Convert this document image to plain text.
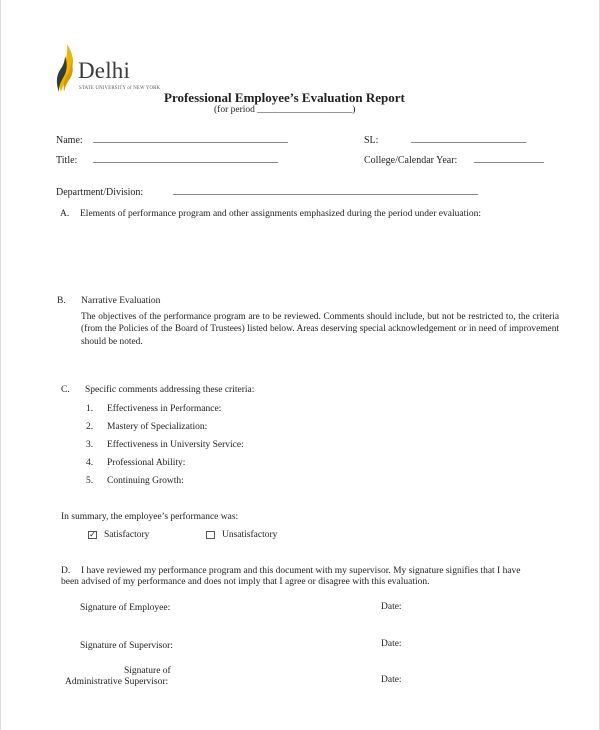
Delhi
STATE UNIVERSITY of NEW YORK
Professional Employee’s Evaluation Report
(for period ____________________)
Name: _______________________________________	SL:	_______________________
Title: _____________________________________	College/Calendar Year: ______________
Department/Division:	_____________________________________________________________
A. Elements of performance program and other assignments emphasized during the period under evaluation:
B. Narrative Evaluation
The objectives of the performance program are to be reviewed. Comments should include, but not be restricted to, the criteria (from the Policies of the Board of Trustees) listed below. Areas deserving special acknowledgement or in need of improvement should be noted.
C. Specific comments addressing these criteria:
1. Effectiveness in Performance:
2. Mastery of Specialization:
3. Effectiveness in University Service:
4. Professional Ability:
5. Continuing Growth:
In summary, the employee’s performance was:
✓ Satisfactory	Unsatisfactory
D. I have reviewed my performance program and this document with my supervisor. My signature signifies that I have
been advised of my performance and does not imply that I agree or disagree with this evaluation.
Signature of Employee:	Date:
Signature of Supervisor:	Date:
Signature of
Administrative Supervisor:	Date:
